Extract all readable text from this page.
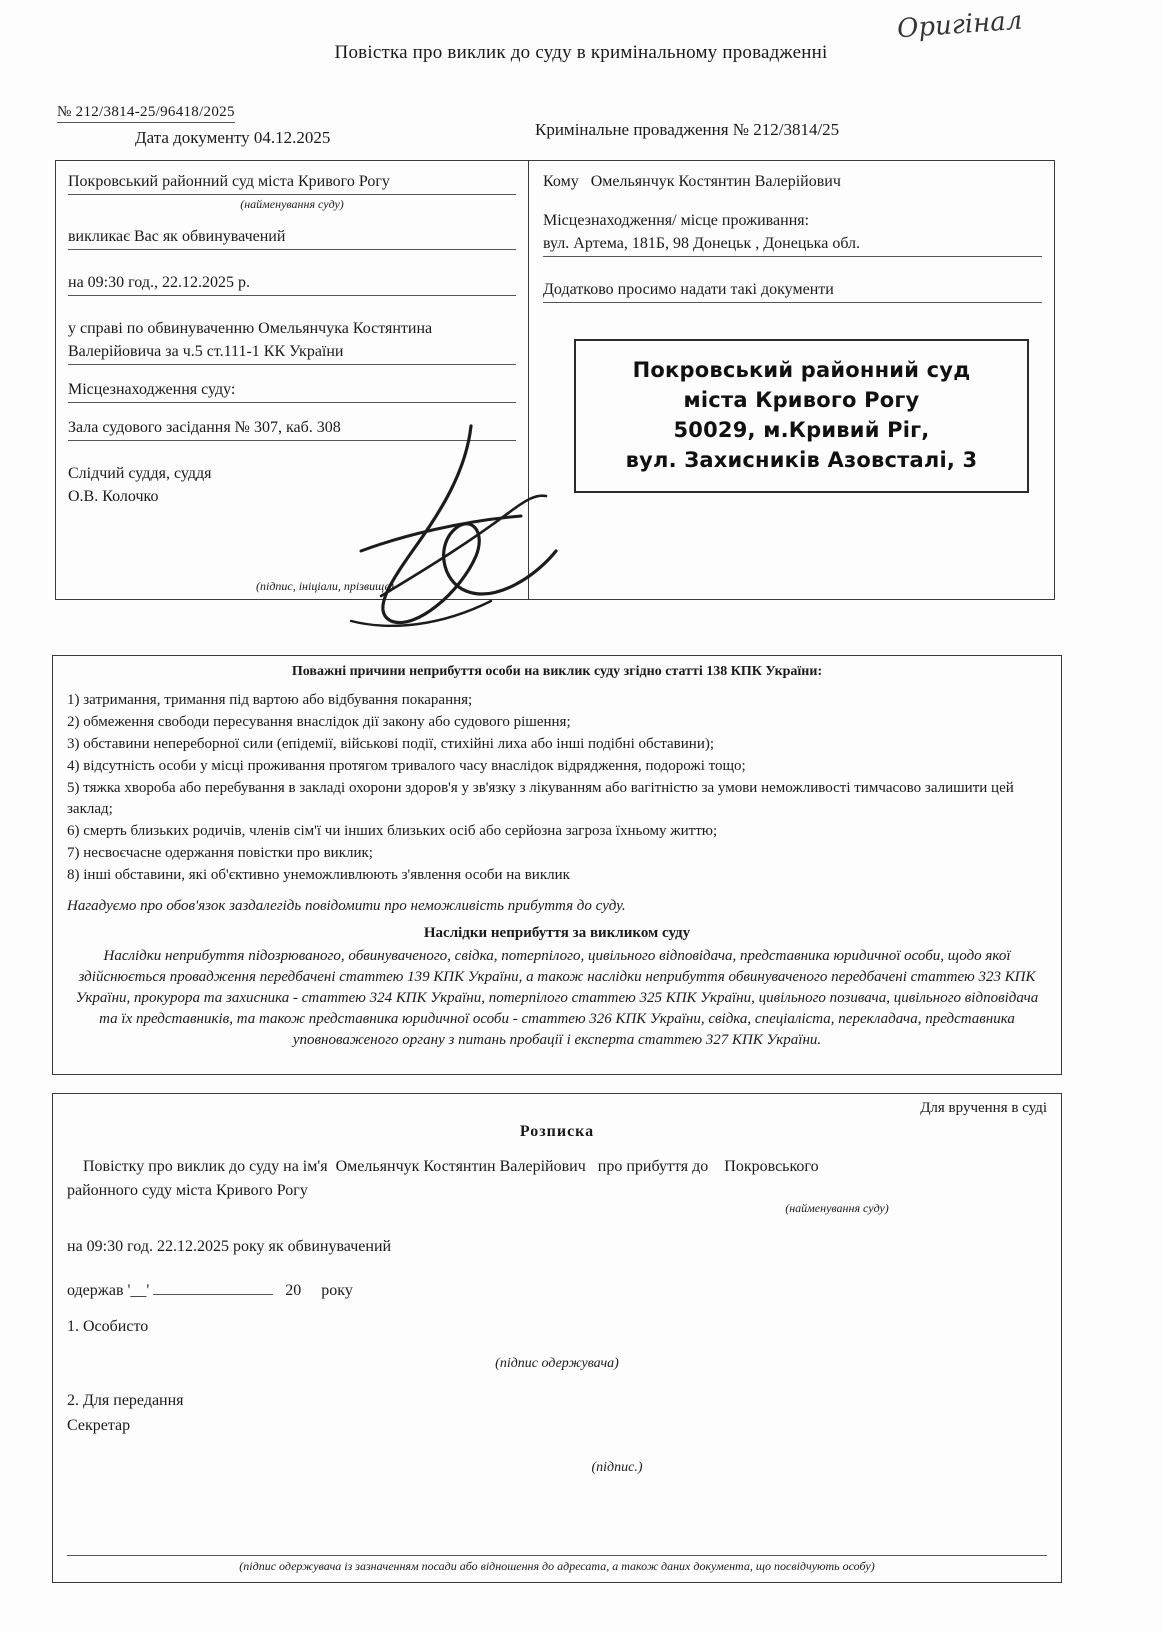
Оригінал
Повістка про виклик до суду в кримінальному провадженні
№ 212/3814-25/96418/2025
Дата документу 04.12.2025	Кримінальне провадження № 212/3814/25
Покровський районний суд міста Кривого Рогу
(найменування суду)
викликає Вас як обвинувачений
на 09:30 год., 22.12.2025 р.
у справі по обвинуваченню Омельянчука Костянтина
Валерійовича за ч.5 ст.111-1 КК України
Місцезнаходження суду:
Зала судового засідання № 307, каб. 308
Слідчий суддя, суддя
О.В. Колочко
(підпис, ініціали, прізвище)
Кому Омельянчук Костянтин Валерійович
Місцезнаходження/ місце проживання:
вул. Артема, 181Б, 98 Донецьк , Донецька обл.
Додатково просимо надати такі документи
Покровський районний суд
міста Кривого Рогу
50029, м.Кривий Ріг,
вул. Захисників Азовсталі, 3
Поважні причини неприбуття особи на виклик суду згідно статті 138 КПК України:
1) затримання, тримання під вартою або відбування покарання;
2) обмеження свободи пересування внаслідок дії закону або судового рішення;
3) обставини непереборної сили (епідемії, військові події, стихійні лиха або інші подібні обставини);
4) відсутність особи у місці проживання протягом тривалого часу внаслідок відрядження, подорожі тощо;
5) тяжка хвороба або перебування в закладі охорони здоров'я у зв'язку з лікуванням або вагітністю за умови неможливості тимчасово залишити цей заклад;
6) смерть близьких родичів, членів сім'ї чи інших близьких осіб або серйозна загроза їхньому життю;
7) несвоєчасне одержання повістки про виклик;
8) інші обставини, які об'єктивно унеможливлюють з'явлення особи на виклик
Нагадуємо про обов'язок заздалегідь повідомити про неможливість прибуття до суду.
Наслідки неприбуття за викликом суду
Наслідки неприбуття підозрюваного, обвинуваченого, свідка, потерпілого, цивільного відповідача, представника юридичної особи, щодо якої здійснюється провадження передбачені статтею 139 КПК України, а також наслідки неприбуття обвинуваченого передбачені статтею 323 КПК України, прокурора та захисника - статтею 324 КПК України, потерпілого статтею 325 КПК України, цивільного позивача, цивільного відповідача та їх представників, та також представника юридичної особи - статтею 326 КПК України, свідка, спеціаліста, перекладача, представника уповноваженого органу з питань пробації і експерта статтею 327 КПК України.
Для вручення в суді
Розписка
Повістку про виклик до суду на ім'я Омельянчук Костянтин Валерійович про прибуття до Покровського
районного суду міста Кривого Рогу
(найменування суду)
на 09:30 год. 22.12.2025 року як обвинувачений
одержав '__'	20 року
1. Особисто
(підпис одержувача)
2. Для передання
Секретар
(підпис.)
(підпис одержувача із зазначенням посади або відношення до адресата, а також даних документа, що посвідчують особу)
